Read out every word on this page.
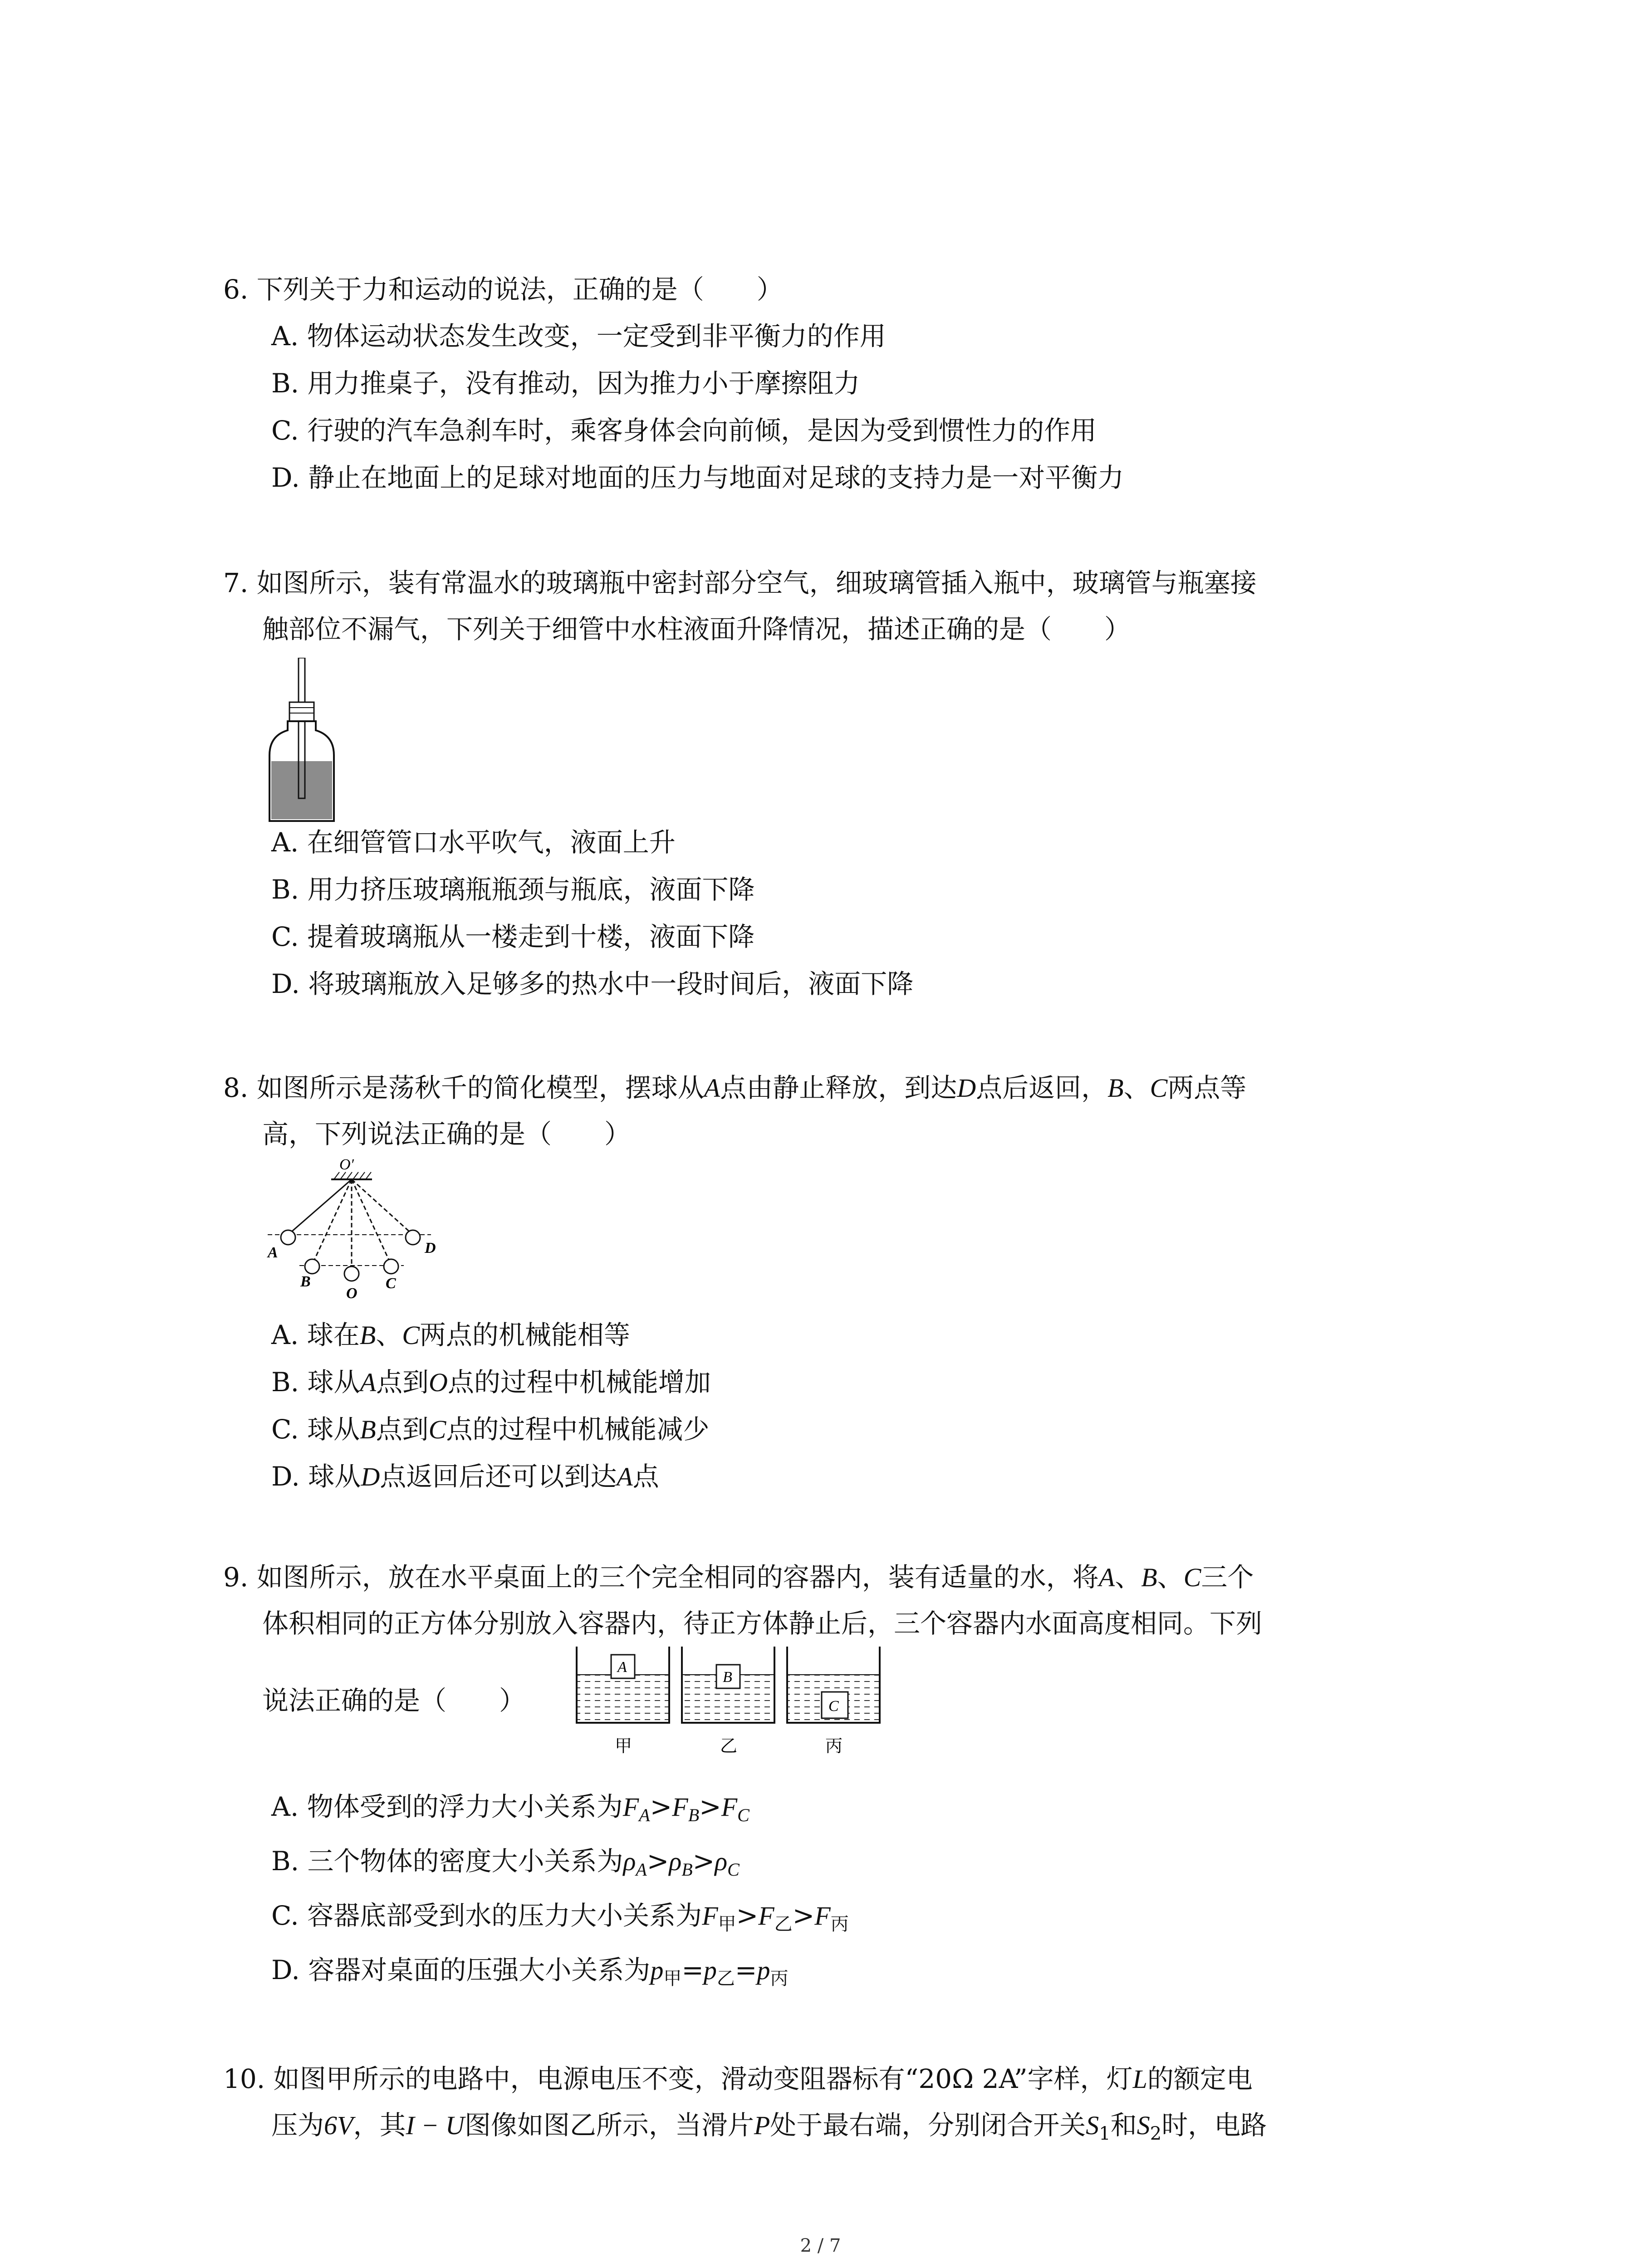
6. 下列关于力和运动的说法，正确的是（　　）
A. 物体运动状态发生改变，一定受到非平衡力的作用
B. 用力推桌子，没有推动，因为推力小于摩擦阻力
C. 行驶的汽车急刹车时，乘客身体会向前倾，是因为受到惯性力的作用
D. 静止在地面上的足球对地面的压力与地面对足球的支持力是一对平衡力
7. 如图所示，装有常温水的玻璃瓶中密封部分空气，细玻璃管插入瓶中，玻璃管与瓶塞接
触部位不漏气，下列关于细管中水柱液面升降情况，描述正确的是（　　）
A. 在细管管口水平吹气，液面上升
B. 用力挤压玻璃瓶瓶颈与瓶底，液面下降
C. 提着玻璃瓶从一楼走到十楼，液面下降
D. 将玻璃瓶放入足够多的热水中一段时间后，液面下降
8. 如图所示是荡秋千的简化模型，摆球从A点由静止释放，到达D点后返回，B、C两点等
高，下列说法正确的是（　　）
O′
A
B
O
C
D
A. 球在B、C两点的机械能相等
B. 球从A点到O点的过程中机械能增加
C. 球从B点到C点的过程中机械能减少
D. 球从D点返回后还可以到达A点
9. 如图所示，放在水平桌面上的三个完全相同的容器内，装有适量的水，将A、B、C三个
体积相同的正方体分别放入容器内，待正方体静止后，三个容器内水面高度相同。下列
说法正确的是（　　）
A
B
C
甲	乙	丙
A. 物体受到的浮力大小关系为$F_A>F_B>F_C$
B. 三个物体的密度大小关系为$\rho_A>\rho_B>\rho_C$
C. 容器底部受到水的压力大小关系为$F_甲>F_乙>F_丙$
D. 容器对桌面的压强大小关系为$p_甲=p_乙=p_丙$
10. 如图甲所示的电路中，电源电压不变，滑动变阻器标有“20Ω 2A”字样，灯L的额定电
压为6V，其I − U图像如图乙所示，当滑片P处于最右端，分别闭合开关$S_1$和$S_2$时，电路
2 / 7
